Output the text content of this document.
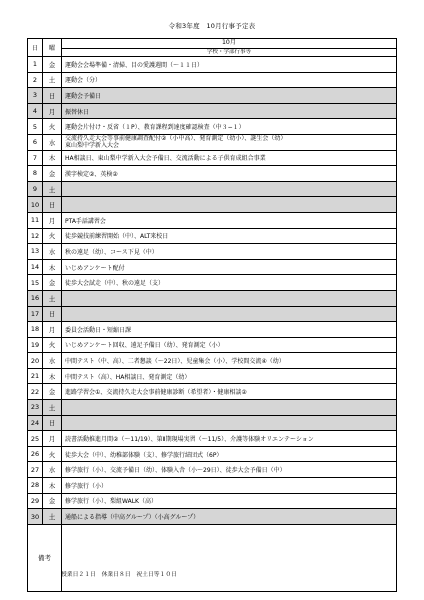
令和3年度　10月行事予定表
日	曜	10月
		学校・学部行事等
1	金	運動会会場準備・清掃、目の愛護週間（〜１１日）
2	土	運動会（分）
3	日	運動会予備日
4	月	振替休日
5	火	運動会片付け・反省（１P）、教育課程到達度確認検査（中３−１）
6	水	交流持久走大会等事前健康調査配付②（小中高）、発育測定（幼小）、誕生会（幼）
東山梨中学新入大会
7	木	HA相談日、東山梨中学新入大会予備日、交流活動による子供育成組合事業
8	金	漢字検定②、英検②
9	土	
10	日	
11	月	PTA手話講習会
12	火	徒歩競技前練習開始（中）、ALT来校日
13	水	秋の遠足（幼）、コース下見（中）
14	木	いじめアンケート配付
15	金	徒歩大会試走（中）、秋の遠足（支）
16	土	
17	日	
18	月	委員会活動日・短縮日課
19	火	いじめアンケート回収、遠足予備日（幼）、発育測定（小）
20	水	中間テスト（中、高）、二者懇談（〜22日）、児童集会（小）、学校間交流④（幼）
21	木	中間テスト（高）、HA相談日、発育測定（幼）
22	金	進路学習会①、交流持久走大会事前健康診断（希望者）・健康相談②
23	土	
24	日	
25	月	読書活動推進月間②（〜11/19）、第Ⅱ期現場実習（〜11/5）、介護等体験オリエンテーション
26	火	徒歩大会（中）、幼稚部体験（支）、修学旅行結団式（6P）
27	水	修学旅行（小）、交流予備日（幼）、体験入舎（小〜29日）、徒歩大会予備日（中）
28	木	修学旅行（小）
29	金	修学旅行（小）、梨組WALK（高）
30	土	通船による指導（中高グループ）（小高グループ）
備考		
授業日２１日　休業日８日　祝土日等１０日
